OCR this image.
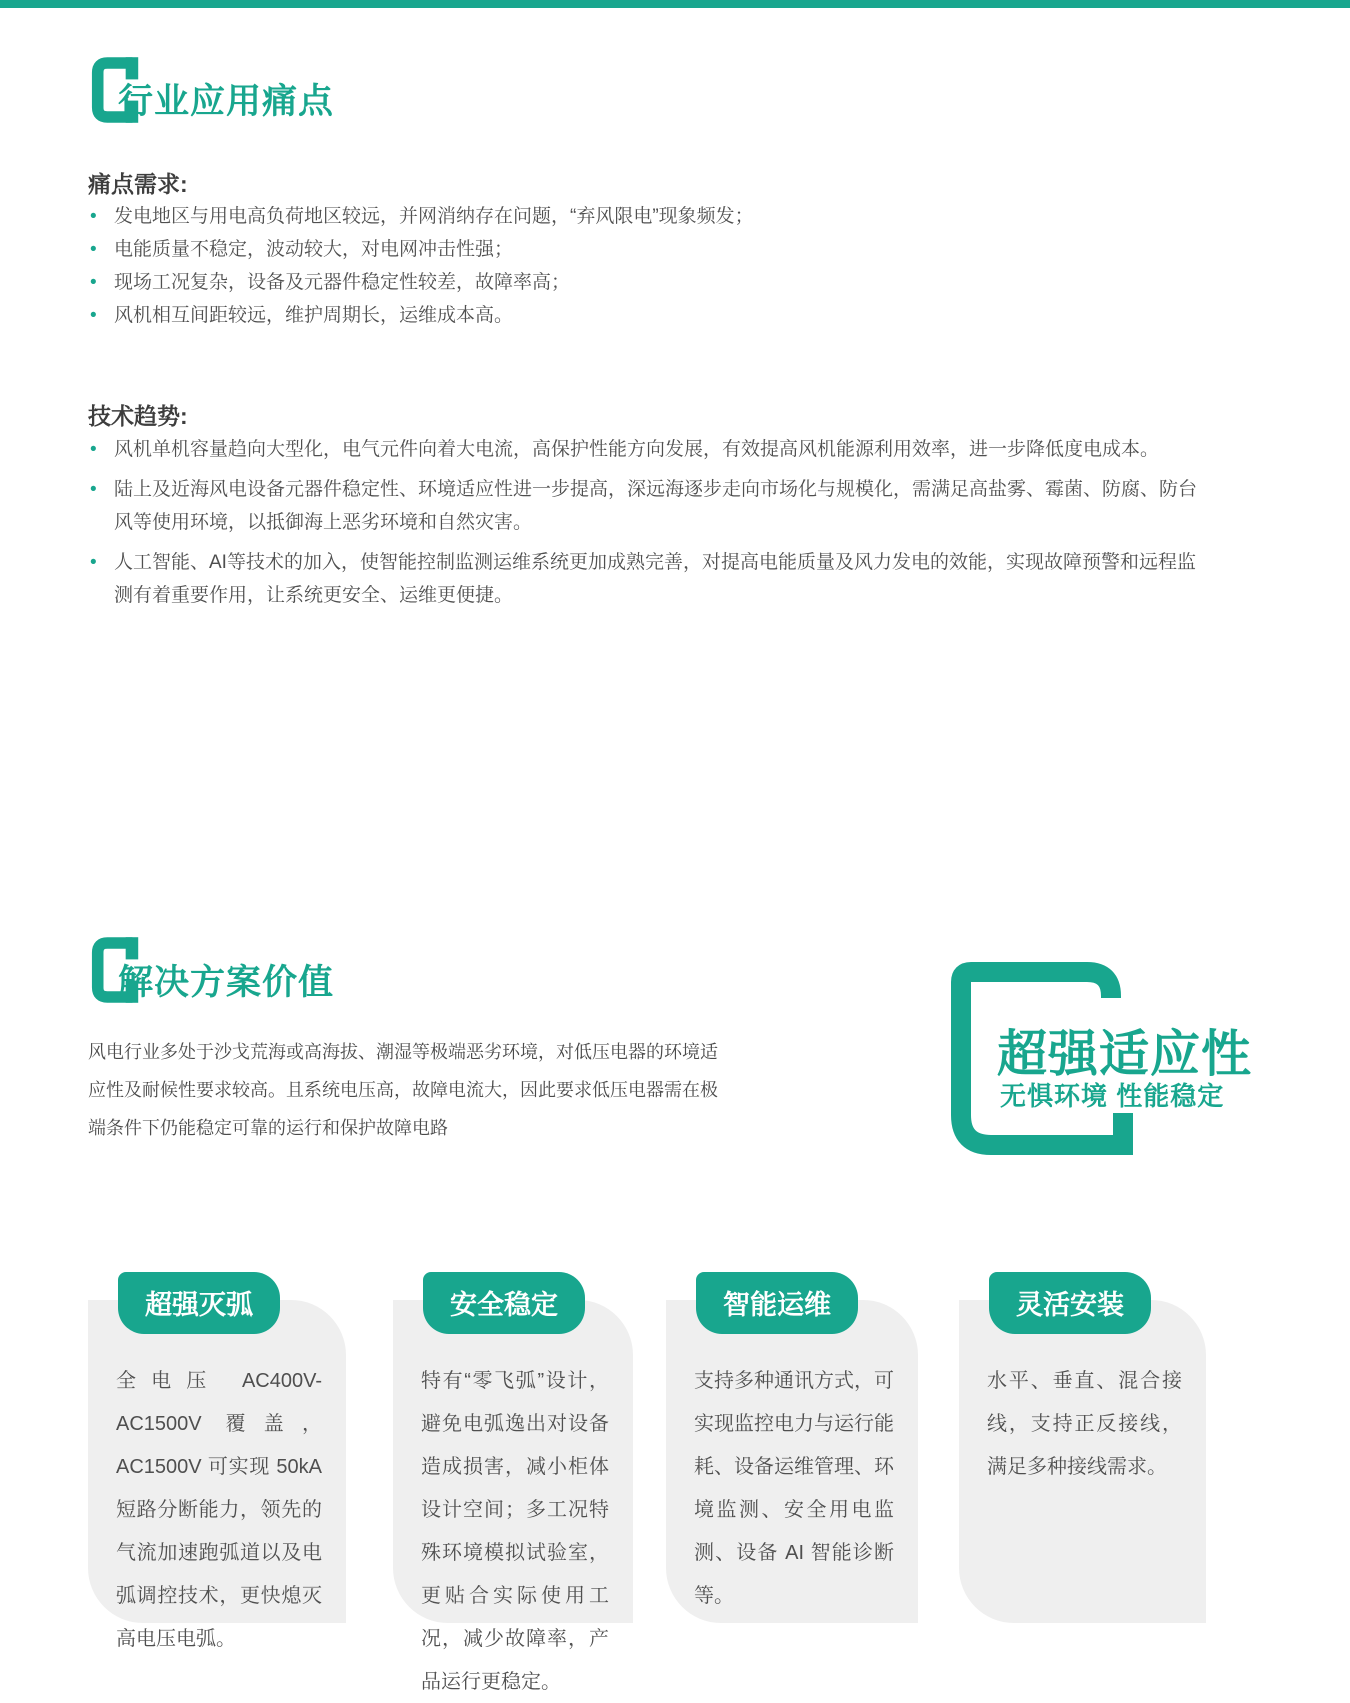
行业应用痛点
痛点需求:
• 发电地区与用电高负荷地区较远，并网消纳存在问题，“弃风限电”现象频发；
• 电能质量不稳定，波动较大，对电网冲击性强；
• 现场工况复杂，设备及元器件稳定性较差，故障率高；
• 风机相互间距较远，维护周期长，运维成本高。
技术趋势:
• 风机单机容量趋向大型化，电气元件向着大电流，高保护性能方向发展，有效提高风机能源利用效率，进一步降低度电成本。
• 陆上及近海风电设备元器件稳定性、环境适应性进一步提高，深远海逐步走向市场化与规模化，需满足高盐雾、霉菌、防腐、防台风等使用环境，以抵御海上恶劣环境和自然灾害。
• 人工智能、AI等技术的加入，使智能控制监测运维系统更加成熟完善，对提高电能质量及风力发电的效能，实现故障预警和远程监测有着重要作用，让系统更安全、运维更便捷。
解决方案价值
风电行业多处于沙戈荒海或高海拔、潮湿等极端恶劣环境，对低压电器的环境适应性及耐候性要求较高。且系统电压高，故障电流大，因此要求低压电器需在极端条件下仍能稳定可靠的运行和保护故障电路
超强适应性
无惧环境 性能稳定
超强灭弧
全电压 AC400V-AC1500V 覆盖，AC1500V 可实现 50kA 短路分断能力，领先的气流加速跑弧道以及电弧调控技术，更快熄灭高电压电弧。
安全稳定
特有“零飞弧”设计，避免电弧逸出对设备造成损害，减小柜体设计空间；多工况特殊环境模拟试验室，更贴合实际使用工况，减少故障率，产品运行更稳定。
智能运维
支持多种通讯方式，可实现监控电力与运行能耗、设备运维管理、环境监测、安全用电监测、设备 AI 智能诊断等。
灵活安装
水平、垂直、混合接线，支持正反接线，满足多种接线需求。
